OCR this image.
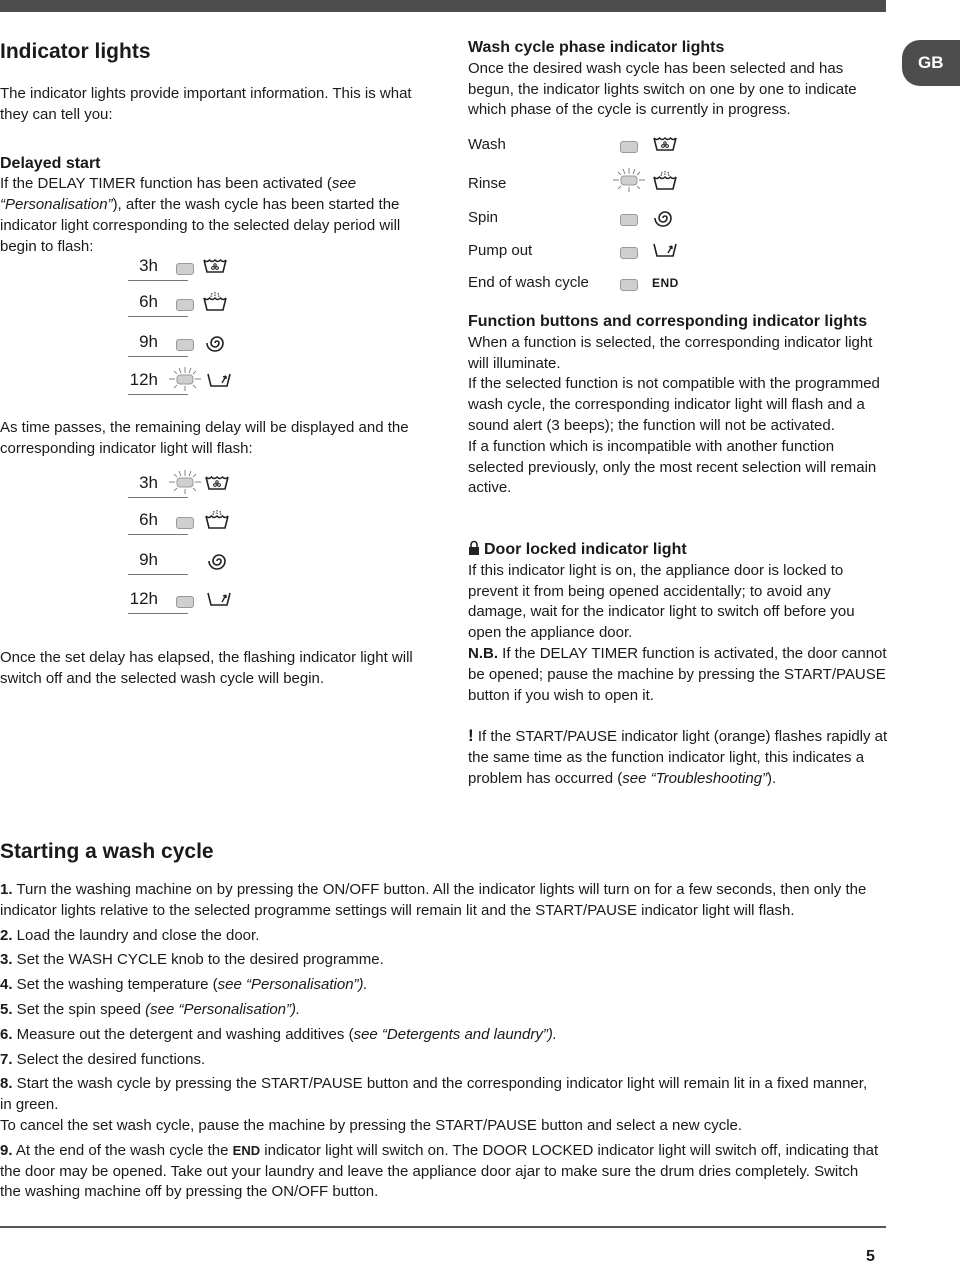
GB
Indicator lights

The indicator lights provide important information. This is what they can tell you:

Delayed start

If the DELAY TIMER function has been activated (see “Personalisation”), after the wash cycle has been started the indicator light corresponding to the selected delay period will begin to flash:

3h
6h
9h
12h

As time passes, the remaining delay will be displayed and the corresponding indicator light will flash:

3h
6h
9h
12h

Once the set delay has elapsed, the flashing indicator light will switch off and the selected wash cycle will begin.

Wash cycle phase indicator lights

Once the desired wash cycle has been selected and has begun, the indicator lights switch on one by one to indicate which phase of the cycle is currently in progress.

Wash
Rinse
Spin
Pump out
End of wash cycle	END
Function buttons and corresponding indicator lights

When a function is selected, the corresponding indicator light will illuminate.

If the selected function is not compatible with the programmed wash cycle, the corresponding indicator light will flash and a sound alert (3 beeps); the function will not be activated.

If a function which is incompatible with another function selected previously, only the most recent selection will remain active.

Door locked indicator light

If this indicator light is on, the appliance door is locked to prevent it from being opened accidentally; to avoid any damage, wait for the indicator light to switch off before you open the appliance door.

N.B. If the DELAY TIMER function is activated, the door cannot be opened; pause the machine by pressing the START/PAUSE button if you wish to open it.

! If the START/PAUSE indicator light (orange) flashes rapidly at the same time as the function indicator light, this indicates a problem has occurred (see “Troubleshooting”).

Starting a wash cycle

1. Turn the washing machine on by pressing the ON/OFF button. All the indicator lights will turn on for a few seconds, then only the indicator lights relative to the selected programme settings will remain lit and the START/PAUSE indicator light will flash.

2. Load the laundry and close the door.

3. Set the WASH CYCLE knob to the desired programme.

4. Set the washing temperature (see “Personalisation”).

5. Set the spin speed (see “Personalisation”).

6. Measure out the detergent and washing additives (see “Detergents and laundry”).

7. Select the desired functions.

8. Start the wash cycle by pressing the START/PAUSE button and the corresponding indicator light will remain lit in a fixed manner, in green.

To cancel the set wash cycle, pause the machine by pressing the START/PAUSE button and select a new cycle.

9. At the end of the wash cycle the END indicator light will switch on. The DOOR LOCKED indicator light will switch off, indicating that the door may be opened. Take out your laundry and leave the appliance door ajar to make sure the drum dries completely. Switch the washing machine off by pressing the ON/OFF button.

5
